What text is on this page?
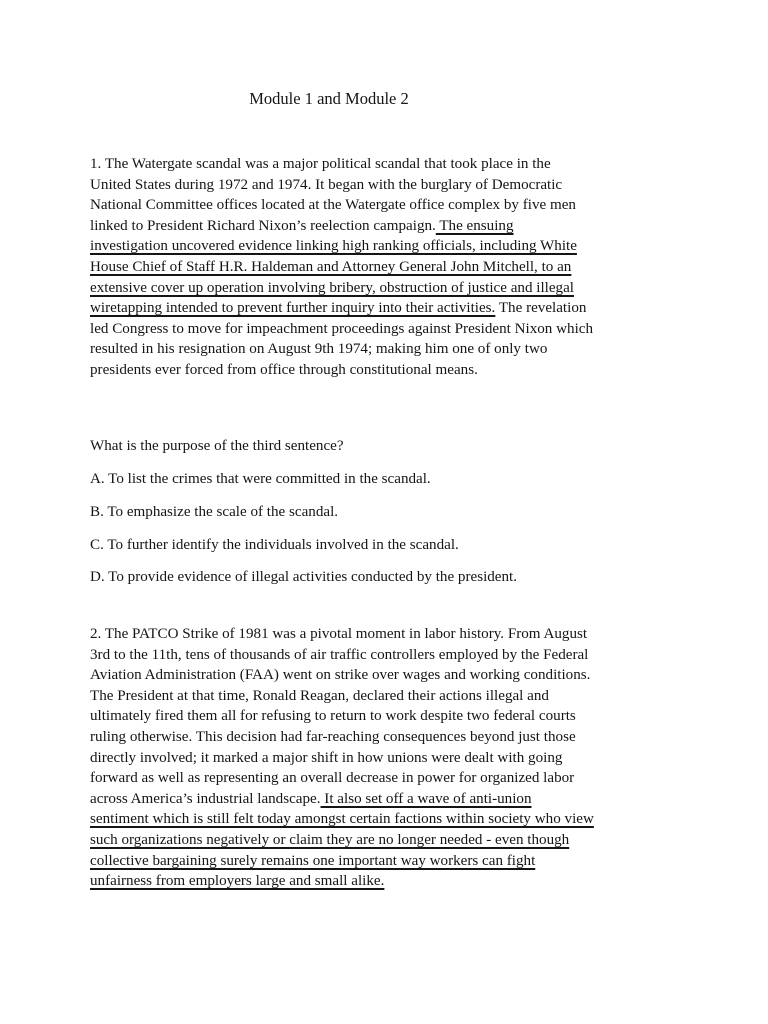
Module 1 and Module 2
1. The Watergate scandal was a major political scandal that took place in the
United States during 1972 and 1974. It began with the burglary of Democratic
National Committee offices located at the Watergate office complex by five men
linked to President Richard Nixon’s reelection campaign. The ensuing
investigation uncovered evidence linking high ranking officials, including White
House Chief of Staff H.R. Haldeman and Attorney General John Mitchell, to an
extensive cover up operation involving bribery, obstruction of justice and illegal
wiretapping intended to prevent further inquiry into their activities. The revelation
led Congress to move for impeachment proceedings against President Nixon which
resulted in his resignation on August 9th 1974; making him one of only two
presidents ever forced from office through constitutional means.
What is the purpose of the third sentence?
A. To list the crimes that were committed in the scandal.
B. To emphasize the scale of the scandal.
C. To further identify the individuals involved in the scandal.
D. To provide evidence of illegal activities conducted by the president.
2. The PATCO Strike of 1981 was a pivotal moment in labor history. From August
3rd to the 11th, tens of thousands of air traffic controllers employed by the Federal
Aviation Administration (FAA) went on strike over wages and working conditions.
The President at that time, Ronald Reagan, declared their actions illegal and
ultimately fired them all for refusing to return to work despite two federal courts
ruling otherwise. This decision had far-reaching consequences beyond just those
directly involved; it marked a major shift in how unions were dealt with going
forward as well as representing an overall decrease in power for organized labor
across America’s industrial landscape. It also set off a wave of anti-union
sentiment which is still felt today amongst certain factions within society who view
such organizations negatively or claim they are no longer needed - even though
collective bargaining surely remains one important way workers can fight
unfairness from employers large and small alike.
